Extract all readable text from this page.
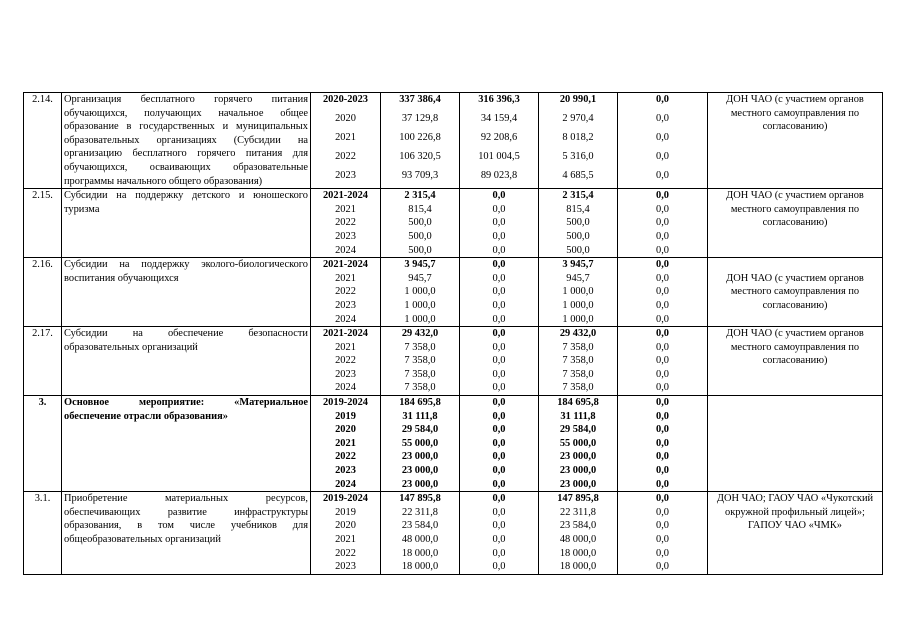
2.14.	Организация бесплатного горячего питания обучающихся, получающих начальное общее образование в государственных и муниципальных образовательных организациях (Субсидии на организацию бесплатного горячего питания для обучающихся, осваивающих образовательные программы начального общего образования)	2020-2023	337 386,4	316 396,3	20 990,1	0,0	ДОН ЧАО (с участием органов местного самоуправления по согласованию)
		2020	37 129,8	34 159,4	2 970,4	0,0	
		2021	100 226,8	92 208,6	8 018,2	0,0	
		2022	106 320,5	101 004,5	5 316,0	0,0	
		2023	93 709,3	89 023,8	4 685,5	0,0	
2.15.	Субсидии на поддержку детского и юношеского туризма	2021-2024	2 315,4	0,0	2 315,4	0,0	ДОН ЧАО (с участием органов местного самоуправления по согласованию)
		2021	815,4	0,0	815,4	0,0	
		2022	500,0	0,0	500,0	0,0	
		2023	500,0	0,0	500,0	0,0	
		2024	500,0	0,0	500,0	0,0	
2.16.	Субсидии на поддержку эколого-биологического воспитания обучающихся	2021-2024	3 945,7	0,0	3 945,7	0,0	ДОН ЧАО (с участием органов местного самоуправления по согласованию)
		2021	945,7	0,0	945,7	0,0	
		2022	1 000,0	0,0	1 000,0	0,0	
		2023	1 000,0	0,0	1 000,0	0,0	
		2024	1 000,0	0,0	1 000,0	0,0	
2.17.	Субсидии на обеспечение безопасности образовательных организаций	2021-2024	29 432,0	0,0	29 432,0	0,0	ДОН ЧАО (с участием органов местного самоуправления по согласованию)
		2021	7 358,0	0,0	7 358,0	0,0	
		2022	7 358,0	0,0	7 358,0	0,0	
		2023	7 358,0	0,0	7 358,0	0,0	
		2024	7 358,0	0,0	7 358,0	0,0	
3.	Основное мероприятие: «Материальное обеспечение отрасли образования»	2019-2024	184 695,8	0,0	184 695,8	0,0	
		2019	31 111,8	0,0	31 111,8	0,0	
		2020	29 584,0	0,0	29 584,0	0,0	
		2021	55 000,0	0,0	55 000,0	0,0	
		2022	23 000,0	0,0	23 000,0	0,0	
		2023	23 000,0	0,0	23 000,0	0,0	
		2024	23 000,0	0,0	23 000,0	0,0	
3.1.	Приобретение материальных ресурсов, обеспечивающих развитие инфраструктуры образования, в том числе учебников для общеобразовательных организаций	2019-2024	147 895,8	0,0	147 895,8	0,0	ДОН ЧАО; ГАОУ ЧАО «Чукотский окружной профильный лицей»; ГАПОУ ЧАО «ЧМК»
		2019	22 311,8	0,0	22 311,8	0,0	
		2020	23 584,0	0,0	23 584,0	0,0	
		2021	48 000,0	0,0	48 000,0	0,0	
		2022	18 000,0	0,0	18 000,0	0,0	
		2023	18 000,0	0,0	18 000,0	0,0	
